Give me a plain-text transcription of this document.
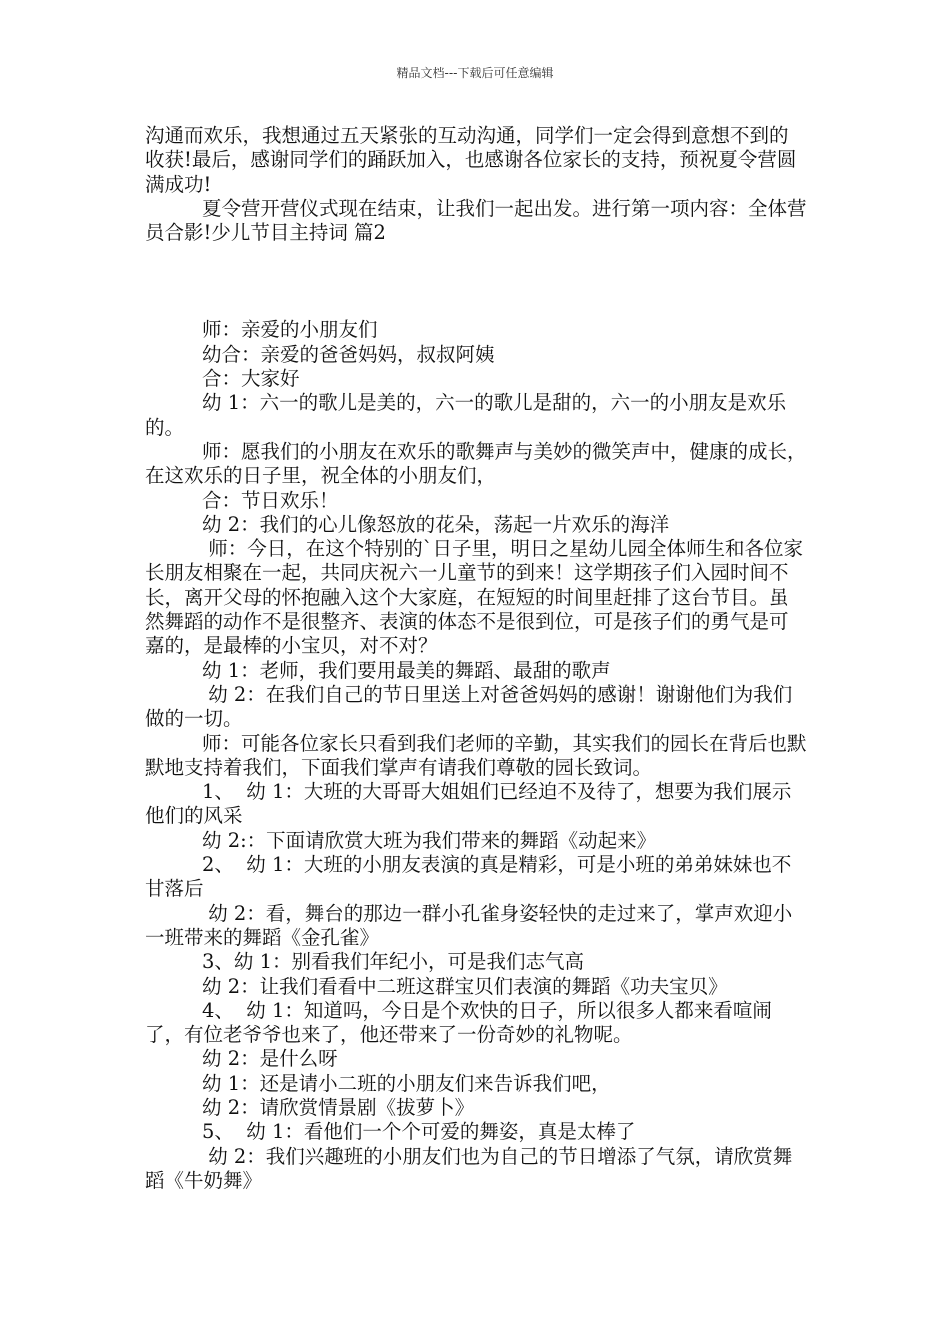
精品文档---下载后可任意编辑

沟通而欢乐，我想通过五天紧张的互动沟通，同学们一定会得到意想不到的收获!最后，感谢同学们的踊跃加入，也感谢各位家长的支持，预祝夏令营圆满成功!

夏令营开营仪式现在结束，让我们一起出发。进行第一项内容：全体营员合影!少儿节目主持词 篇2

师：亲爱的小朋友们

幼合：亲爱的爸爸妈妈，叔叔阿姨

合：大家好

幼 1：六一的歌儿是美的，六一的歌儿是甜的，六一的小朋友是欢乐的。

师：愿我们的小朋友在欢乐的歌舞声与美妙的微笑声中，健康的成长，在这欢乐的日子里，祝全体的小朋友们，

合：节日欢乐！

幼 2：我们的心儿像怒放的花朵，荡起一片欢乐的海洋

师：今日，在这个特别的`日子里，明日之星幼儿园全体师生和各位家长朋友相聚在一起，共同庆祝六一儿童节的到来！这学期孩子们入园时间不长，离开父母的怀抱融入这个大家庭，在短短的时间里赶排了这台节目。虽然舞蹈的动作不是很整齐、表演的体态不是很到位，可是孩子们的勇气是可嘉的，是最棒的小宝贝，对不对？

幼 1：老师，我们要用最美的舞蹈、最甜的歌声

幼 2：在我们自己的节日里送上对爸爸妈妈的感谢！谢谢他们为我们做的一切。

师：可能各位家长只看到我们老师的辛勤，其实我们的园长在背后也默默地支持着我们，下面我们掌声有请我们尊敬的园长致词。

1、  幼 1：大班的大哥哥大姐姐们已经迫不及待了，想要为我们展示他们的风采

幼 2:：下面请欣赏大班为我们带来的舞蹈《动起来》

2、  幼 1：大班的小朋友表演的真是精彩，可是小班的弟弟妹妹也不甘落后

幼 2：看，舞台的那边一群小孔雀身姿轻快的走过来了，掌声欢迎小一班带来的舞蹈《金孔雀》

3、幼 1：别看我们年纪小，可是我们志气高

幼 2：让我们看看中二班这群宝贝们表演的舞蹈《功夫宝贝》

4、  幼 1：知道吗，今日是个欢快的日子，所以很多人都来看喧闹了，有位老爷爷也来了，他还带来了一份奇妙的礼物呢。

幼 2：是什么呀

幼 1：还是请小二班的小朋友们来告诉我们吧，

幼 2：请欣赏情景剧《拔萝卜》

5、  幼 1：看他们一个个可爱的舞姿，真是太棒了

幼 2：我们兴趣班的小朋友们也为自己的节日增添了气氛，请欣赏舞蹈《牛奶舞》
